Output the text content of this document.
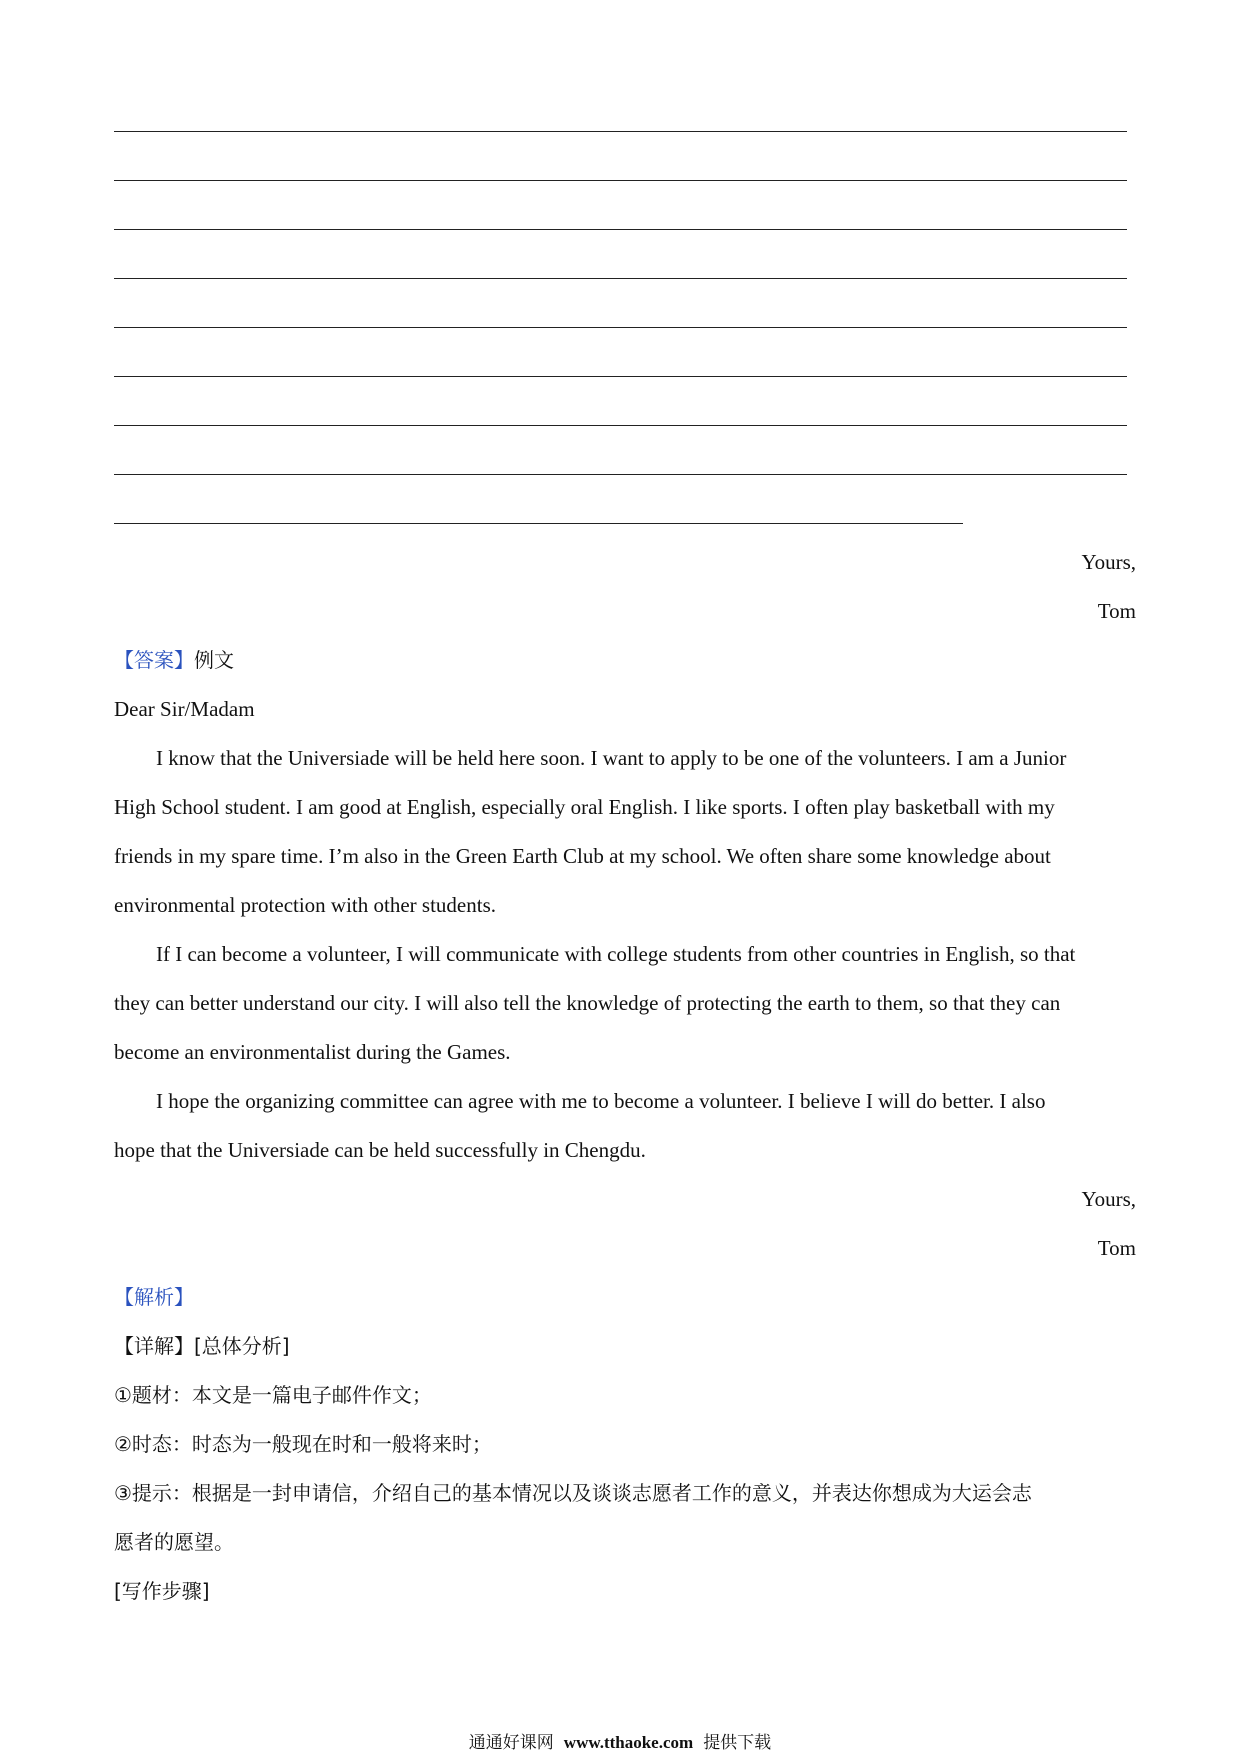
Yours,
Tom
【答案】例文
Dear Sir/Madam
I know that the Universiade will be held here soon. I want to apply to be one of the volunteers. I am a Junior
High School student. I am good at English, especially oral English. I like sports. I often play basketball with my
friends in my spare time. I’m also in the Green Earth Club at my school. We often share some knowledge about
environmental protection with other students.
If I can become a volunteer, I will communicate with college students from other countries in English, so that
they can better understand our city. I will also tell the knowledge of protecting the earth to them, so that they can
become an environmentalist during the Games.
I hope the organizing committee can agree with me to become a volunteer. I believe I will do better. I also
hope that the Universiade can be held successfully in Chengdu.
Yours,
Tom
【解析】
【详解】[总体分析]
①题材：本文是一篇电子邮件作文；
②时态：时态为一般现在时和一般将来时；
③提示：根据是一封申请信，介绍自己的基本情况以及谈谈志愿者工作的意义，并表达你想成为大运会志
愿者的愿望。
[写作步骤]
通通好课网 www.tthaoke.com 提供下载
